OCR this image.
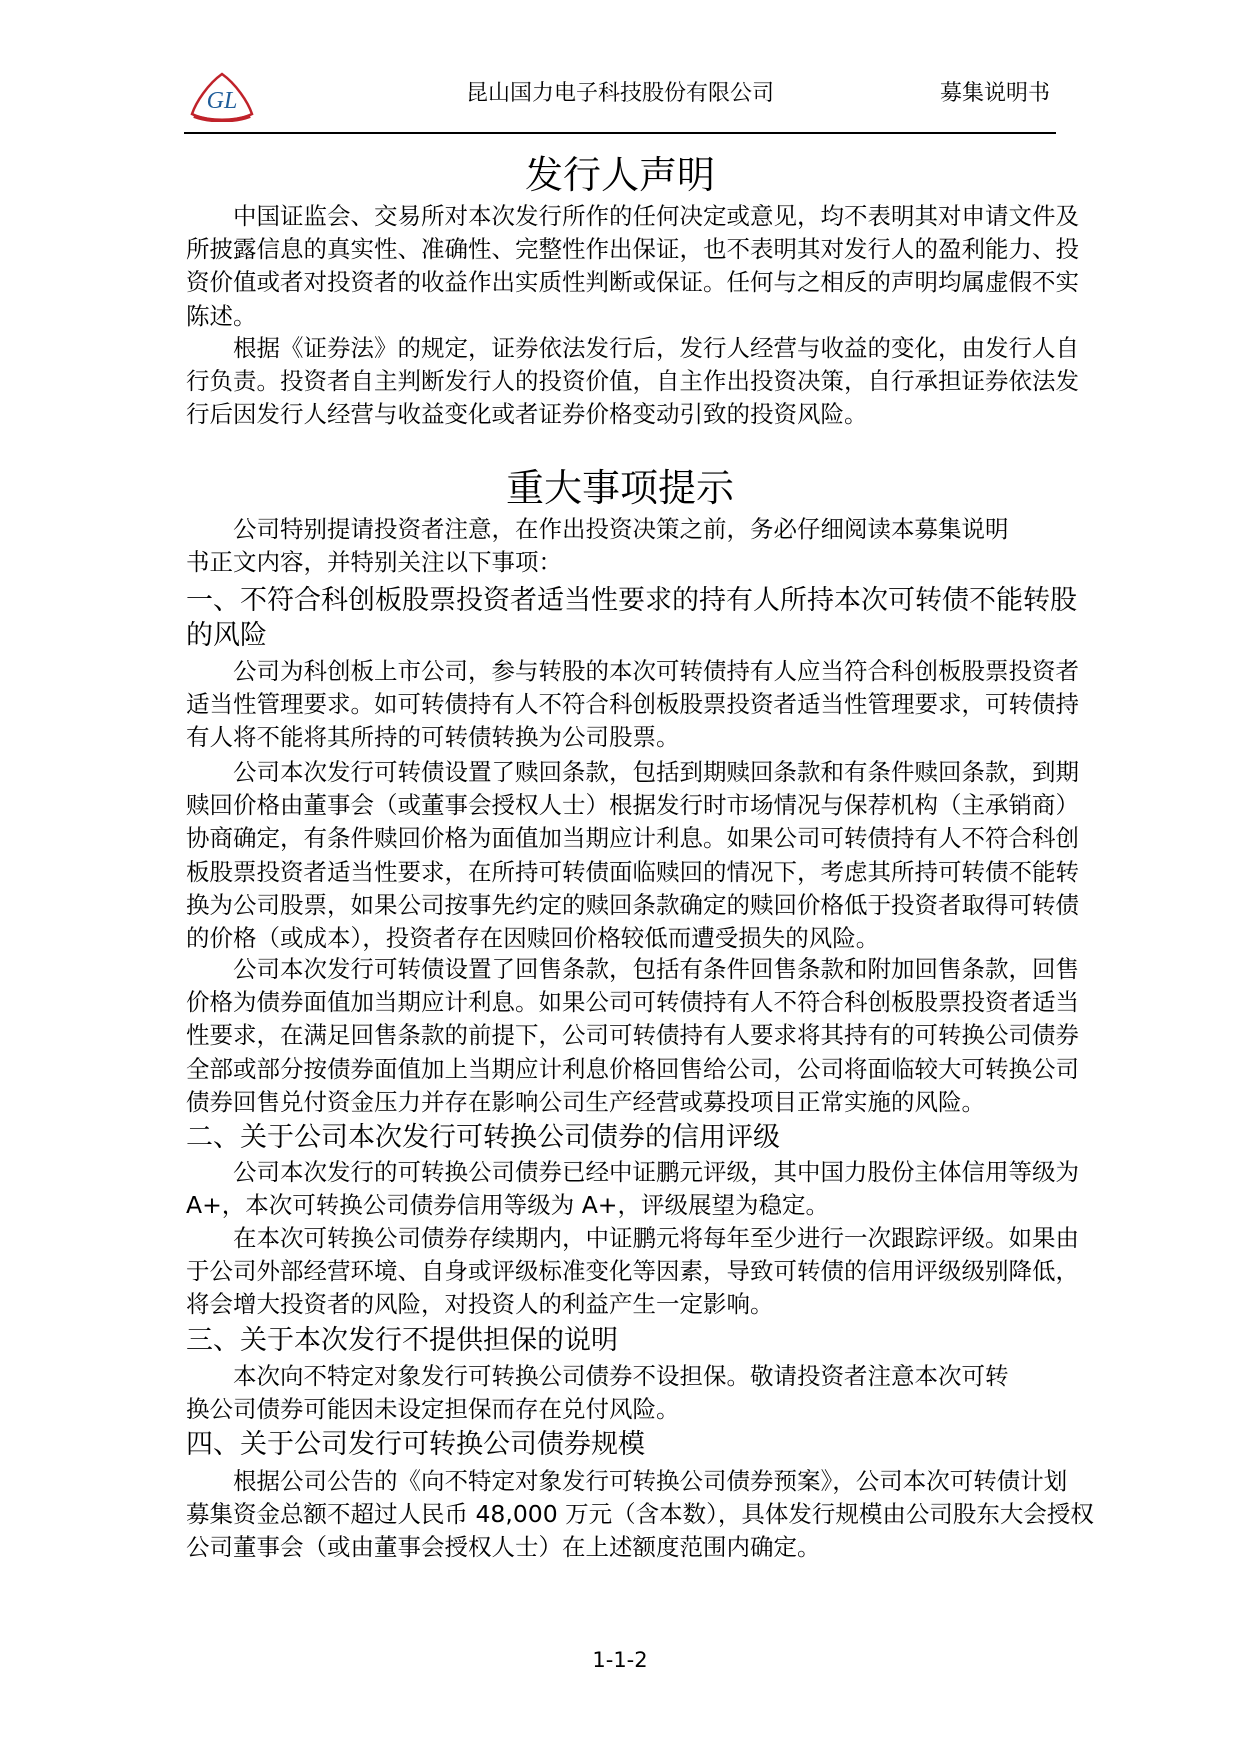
GL	昆山国力电子科技股份有限公司	募集说明书
发行人声明
　　中国证监会、交易所对本次发行所作的任何决定或意见，均不表明其对申请文件及
所披露信息的真实性、准确性、完整性作出保证，也不表明其对发行人的盈利能力、投
资价值或者对投资者的收益作出实质性判断或保证。任何与之相反的声明均属虚假不实
陈述。
　　根据《证券法》的规定，证券依法发行后，发行人经营与收益的变化，由发行人自
行负责。投资者自主判断发行人的投资价值，自主作出投资决策，自行承担证券依法发
行后因发行人经营与收益变化或者证券价格变动引致的投资风险。
重大事项提示
　　公司特别提请投资者注意，在作出投资决策之前，务必仔细阅读本募集说明
书正文内容，并特别关注以下事项：
一、不符合科创板股票投资者适当性要求的持有人所持本次可转债不能转股
的风险
　　公司为科创板上市公司，参与转股的本次可转债持有人应当符合科创板股票投资者
适当性管理要求。如可转债持有人不符合科创板股票投资者适当性管理要求，可转债持
有人将不能将其所持的可转债转换为公司股票。
　　公司本次发行可转债设置了赎回条款，包括到期赎回条款和有条件赎回条款，到期
赎回价格由董事会（或董事会授权人士）根据发行时市场情况与保荐机构（主承销商）
协商确定，有条件赎回价格为面值加当期应计利息。如果公司可转债持有人不符合科创
板股票投资者适当性要求，在所持可转债面临赎回的情况下，考虑其所持可转债不能转
换为公司股票，如果公司按事先约定的赎回条款确定的赎回价格低于投资者取得可转债
的价格（或成本），投资者存在因赎回价格较低而遭受损失的风险。
　　公司本次发行可转债设置了回售条款，包括有条件回售条款和附加回售条款，回售
价格为债券面值加当期应计利息。如果公司可转债持有人不符合科创板股票投资者适当
性要求，在满足回售条款的前提下，公司可转债持有人要求将其持有的可转换公司债券
全部或部分按债券面值加上当期应计利息价格回售给公司，公司将面临较大可转换公司
债券回售兑付资金压力并存在影响公司生产经营或募投项目正常实施的风险。
二、关于公司本次发行可转换公司债券的信用评级
　　公司本次发行的可转换公司债券已经中证鹏元评级，其中国力股份主体信用等级为
A+，本次可转换公司债券信用等级为 A+，评级展望为稳定。
　　在本次可转换公司债券存续期内，中证鹏元将每年至少进行一次跟踪评级。如果由
于公司外部经营环境、自身或评级标准变化等因素，导致可转债的信用评级级别降低，
将会增大投资者的风险，对投资人的利益产生一定影响。
三、关于本次发行不提供担保的说明
　　本次向不特定对象发行可转换公司债券不设担保。敬请投资者注意本次可转
换公司债券可能因未设定担保而存在兑付风险。
四、关于公司发行可转换公司债券规模
　　根据公司公告的《向不特定对象发行可转换公司债券预案》，公司本次可转债计划
募集资金总额不超过人民币 48,000 万元（含本数），具体发行规模由公司股东大会授权
公司董事会（或由董事会授权人士）在上述额度范围内确定。
1-1-2
